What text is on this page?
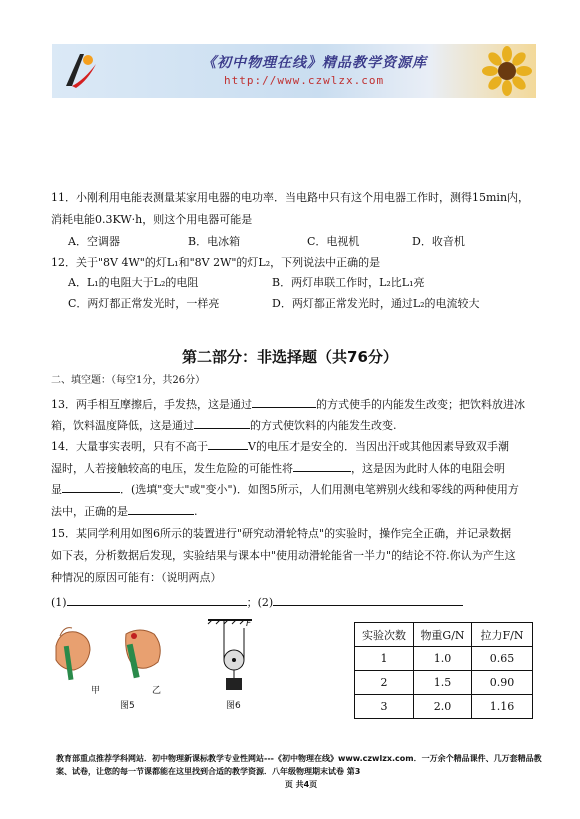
《初中物理在线》精品教学资源库
http://www.czwlzx.com
11．小刚利用电能表测量某家用电器的电功率．当电路中只有这个用电器工作时，测得15min内，
消耗电能0.3KW·h，则这个用电器可能是
A．空调器	B．电冰箱	C．电视机	D．收音机
12．关于"8V 4W"的灯L₁和"8V 2W"的灯L₂，下列说法中正确的是
A．L₁的电阻大于L₂的电阻	B．两灯串联工作时，L₂比L₁亮
C．两灯都正常发光时，一样亮	D．两灯都正常发光时，通过L₂的电流较大
第二部分：非选择题（共76分）
二、填空题：（每空1分，共26分）
13．两手相互摩擦后，手发热，这是通过	的方式使手的内能发生改变；把饮料放进冰
箱，饮料温度降低，这是通过	的方式使饮料的内能发生改变.
14．大量事实表明，只有不高于	V的电压才是安全的．当因出汗或其他因素导致双手潮
湿时，人若接触较高的电压，发生危险的可能性将	，这是因为此时人体的电阻会明
显	．(选填"变大"或"变小")．如图5所示，人们用测电笔辨别火线和零线的两种使用方
法中，正确的是	.
15．某同学利用如图6所示的装置进行"研究动滑轮特点"的实验时，操作完全正确，并记录数据
如下表，分析数据后发现，实验结果与课本中"使用动滑轮能省一半力"的结论不符.你认为产生这
种情况的原因可能有：（说明两点）
(1)	；(2)
甲	乙
图5
F
图6
实验次数	物重G/N	拉力F/N
1	1.0	0.65
2	1.5	0.90
3	2.0	1.16
教育部重点推荐学科网站．初中物理新课标教学专业性网站---《初中物理在线》www.czwlzx.com．一万余个精品课件、几万套精品教案、试卷，让您的每一节课都能在这里找到合适的教学资源．八年级物理期末试卷 第3
页 共4页
